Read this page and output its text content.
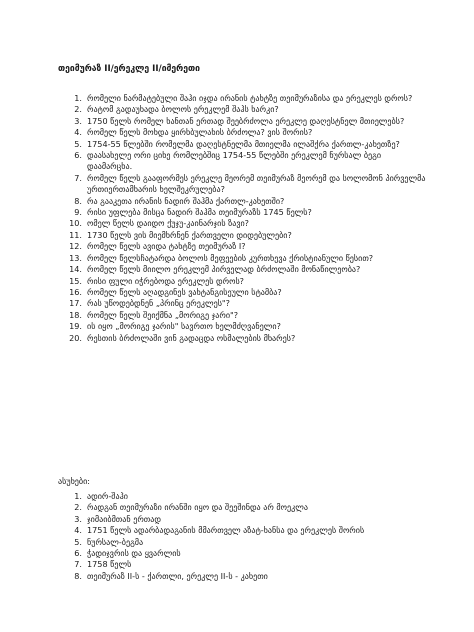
თეიმურაზ II/ერეკლე II/იმერეთი
1. რომელი ნარმატებული შაჰი იჯდა ირანის ტახტზე თეიმურაზისა და ერეკლეს დროს?
2. რატომ გადაუხადა ბოლოს ერეკლემ შაჰს ხარკი?
3. 1750 წელს რომელ ხანთან ერთად შეებრძოლა ერეკლე დაღესტნელ მთიელებს?
4. რომელ წელს მოხდა ყირხბულახის ბრძოლა? ვის შორის?
5. 1754-55 წლებში რომელმა დაღესტნელმა მთიელმა ილაშქრა ქართლ-კახეთზე?
6. დაასახელე ორი ციხე რომლებშიც 1754-55 წლებში ერეკლემ ნურსალ ბეგი დაამარცხა.
7. რომელ წელს გააფორმეს ერეკლე მეორემ თეიმურაზ მეორემ და სოლომონ პირველმა ურთიერთამხარის ხელშეკრულება?
8. რა გააკეთა ირანის ნადირ შაჰმა ქართლ-კახეთში?
9. რისი უფლება მისცა ნადირ შაჰმა თეიმურაზს 1745 წელს?
10. ომელ წელს დაიდო ქუჯუ-კაინარჯის ზავი?
11. 1730 წელს ვის მიემხრნენ ქართველი დიდებულები?
12. რომელ წელს ავიდა ტახტზე თეიმურაზ I?
13. რომელ წელსჩატარდა ბოლოს მეფეების კურთხევა ქრისტიანული წესით?
14. რომელ წელს მიილო ერეკლემ პირველად ბრძოლაში მონაწილეობა?
15. რისი ფული იჭრებოდა ერეკლეს დროს?
16. რომელ წელს აღადგინეს ვახტანგისეული სტამბა?
17. რას უწოდებდნენ „პრინც ერეკლეს"?
18. რომელ წელს შეიქმნა „მორიგე ჯარი"?
19. ის იყო „მორიგე ჯარის" სავრთო ხელმძღვანელი?
20. რესთის ბრძოლაში ვინ გადაცდა ოსმალების მხარეს?
ასუხები:
1. ადირ-შაჰი
2. რადგან თეიმურაზი ირანში იყო და შეეშინდა არ მოეკლა
3. ჯიმაიბმთან ერთად
4. 1751 წელს ადარბადაგანის მმართველ აზატ-ხანსა და ერეკლეს შორის
5. ნურსალ-ბეგმა
6. ჭადიჯვრის და ყვარლის
7. 1758 წელს
8. თეიმურაზ II-ს - ქართლი, ერეკლე II-ს - კახეთი
